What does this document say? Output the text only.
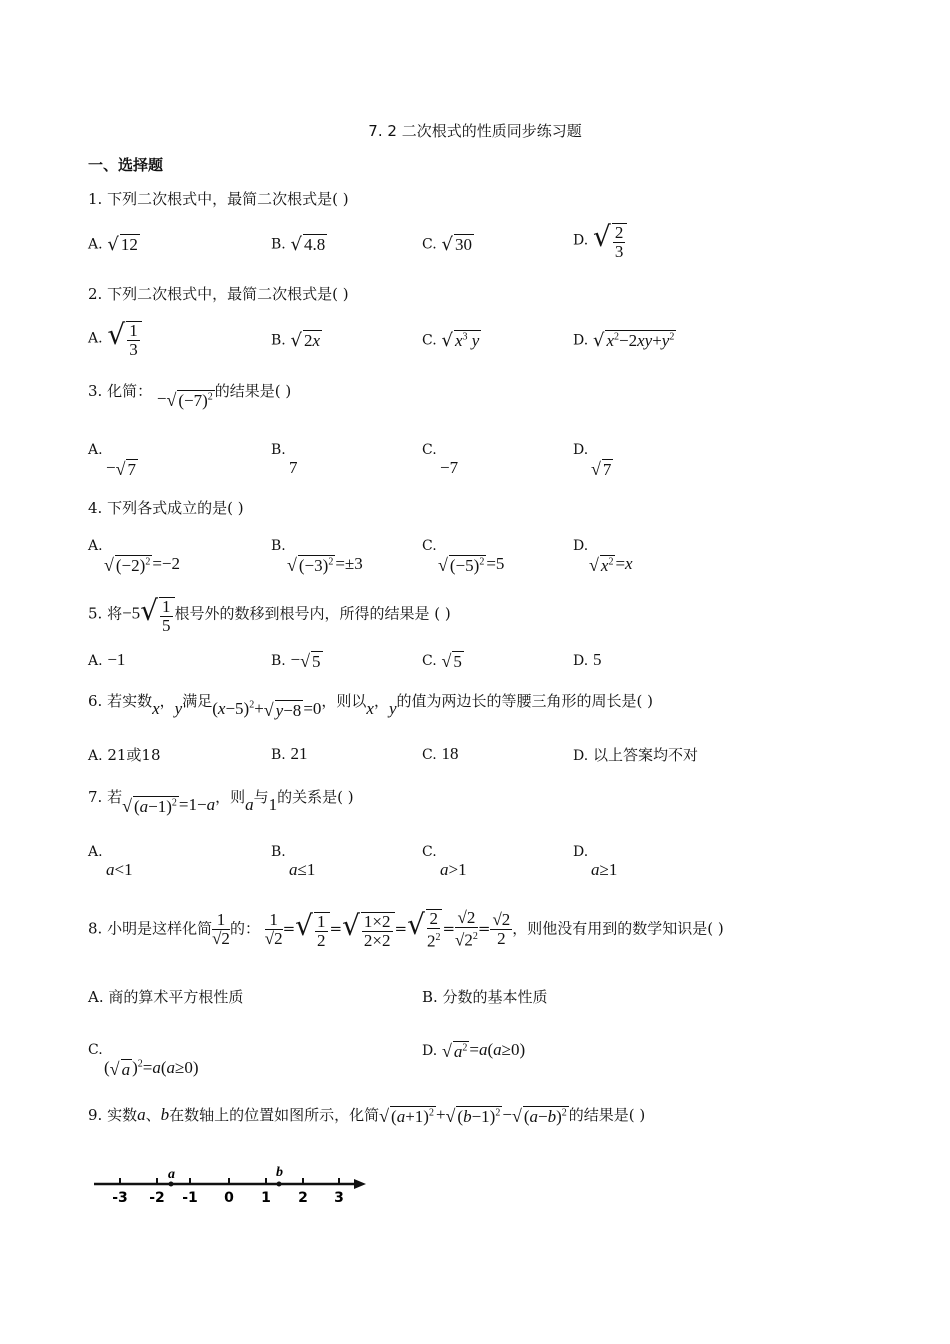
7. 2 二次根式的性质同步练习题
一、选择题
1. 下列二次根式中，最简二次根式是( )
A. √ 12	B. √ 4.8	C. √ 30	D. √ $\frac{2}{3}$
2. 下列二次根式中，最简二次根式是( )
A. √ $\frac{1}{3}$	B. √ 2x	C. √ $x^3$ y	D. √ $x^2-2xy+y^2$
3. 化简： −√ $(-7)^2$ 的结果是( )
A.
−√ 7
B.
7
C.
−7
D.
√ 7
4. 下列各式成立的是( )
A.
√ $(-2)^2 =-2$
B.
√ $(-3)^2 =\pm 3$
C.
√ $(-5)^2 =5$
D.
√ $x^2 =x$
5. 将$-5√ \frac{1}{5}$ 根号外的数移到根号内，所得的结果是 ( )
A. −1	B. −√ 5	C. √ 5	D. 5
6. 若实数x，y满足$(x-5)^2+√$ y−8 =0，则以x，y的值为两边长的等腰三角形的周长是( )
A. 21或18	B. 21	C. 18	D. 以上答案均不对
7. 若√ $(a-1)^2 =1-a$，则a与1的关系是( )
A.
a<1
B.
a≤1
C.
a>1
D.
a≥1
8. 小明是这样化简 $\frac{1}{√2}$ 的： $\frac{1}{√2}$ =√ $\frac{1}{2}$ =√ $\frac{1\times 2}{2\times 2}$ =√ $\frac{2}{2^2} = \frac{√2}{√2^2} = \frac{√2}{2}$ ，则他没有用到的数学知识是( )
A. 商的算术平方根性质	B. 分数的基本性质
C.
(√ a )$^2$=a(a≥0)
D. √ $a^2 =a(a\ge 0)$
9. 实数a、b在数轴上的位置如图所示，化简√ $(a+1)^2$ +√ $(b-1)^2$ −√ $(a-b)^2$ 的结果是( )
-3 -2 -1 0 1 2 3
a	b
